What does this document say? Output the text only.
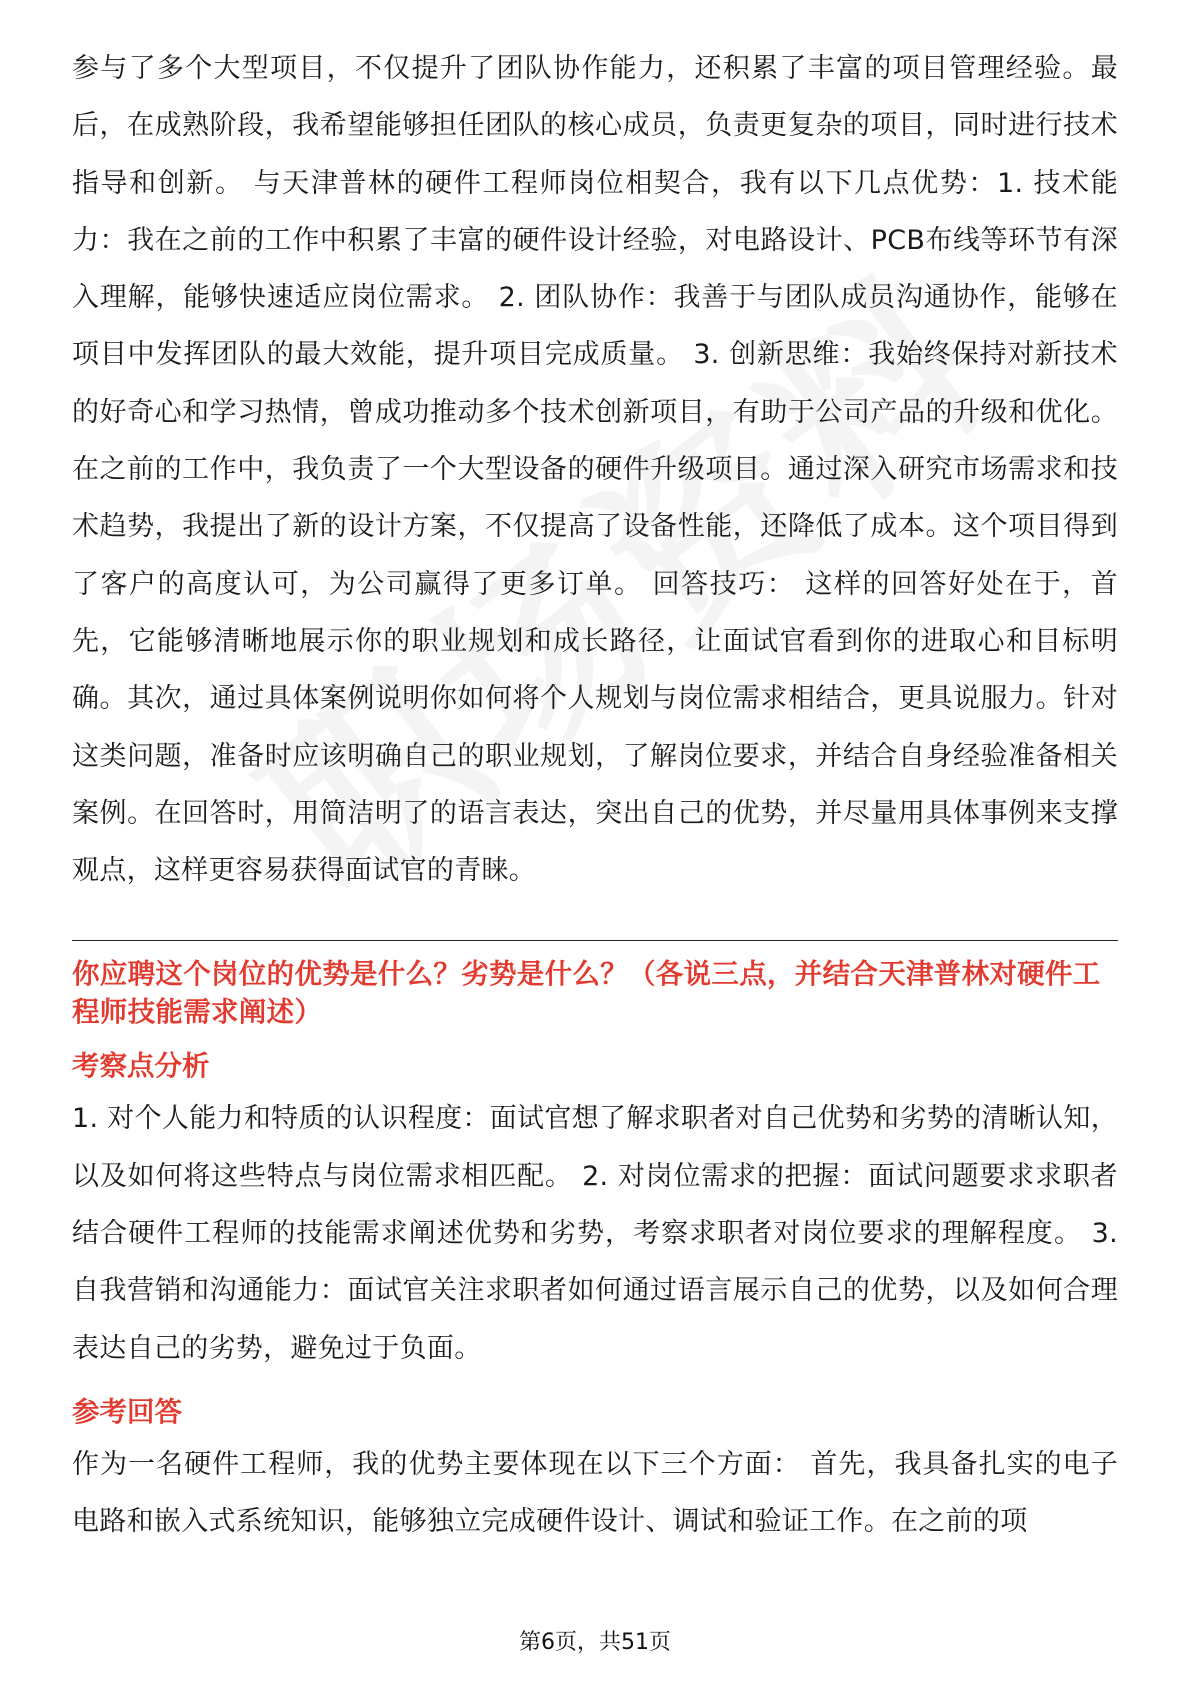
参与了多个大型项目，不仅提升了团队协作能力，还积累了丰富的项目管理经验。最后，在成熟阶段，我希望能够担任团队的核心成员，负责更复杂的项目，同时进行技术指导和创新。 与天津普林的硬件工程师岗位相契合，我有以下几点优势：1. 技术能力：我在之前的工作中积累了丰富的硬件设计经验，对电路设计、PCB布线等环节有深入理解，能够快速适应岗位需求。 2. 团队协作：我善于与团队成员沟通协作，能够在项目中发挥团队的最大效能，提升项目完成质量。 3. 创新思维：我始终保持对新技术的好奇心和学习热情，曾成功推动多个技术创新项目，有助于公司产品的升级和优化。 在之前的工作中，我负责了一个大型设备的硬件升级项目。通过深入研究市场需求和技术趋势，我提出了新的设计方案，不仅提高了设备性能，还降低了成本。这个项目得到了客户的高度认可，为公司赢得了更多订单。 回答技巧： 这样的回答好处在于，首先，它能够清晰地展示你的职业规划和成长路径，让面试官看到你的进取心和目标明确。其次，通过具体案例说明你如何将个人规划与岗位需求相结合，更具说服力。针对这类问题，准备时应该明确自己的职业规划，了解岗位要求，并结合自身经验准备相关案例。在回答时，用简洁明了的语言表达，突出自己的优势，并尽量用具体事例来支撑观点，这样更容易获得面试官的青睐。

你应聘这个岗位的优势是什么？劣势是什么？（各说三点，并结合天津普林对硬件工程师技能需求阐述）

考察点分析

1. 对个人能力和特质的认识程度：面试官想了解求职者对自己优势和劣势的清晰认知，以及如何将这些特点与岗位需求相匹配。 2. 对岗位需求的把握：面试问题要求求职者结合硬件工程师的技能需求阐述优势和劣势，考察求职者对岗位要求的理解程度。 3. 自我营销和沟通能力：面试官关注求职者如何通过语言展示自己的优势，以及如何合理表达自己的劣势，避免过于负面。

参考回答

作为一名硬件工程师，我的优势主要体现在以下三个方面： 首先，我具备扎实的电子电路和嵌入式系统知识，能够独立完成硬件设计、调试和验证工作。在之前的项

第6页，共51页
